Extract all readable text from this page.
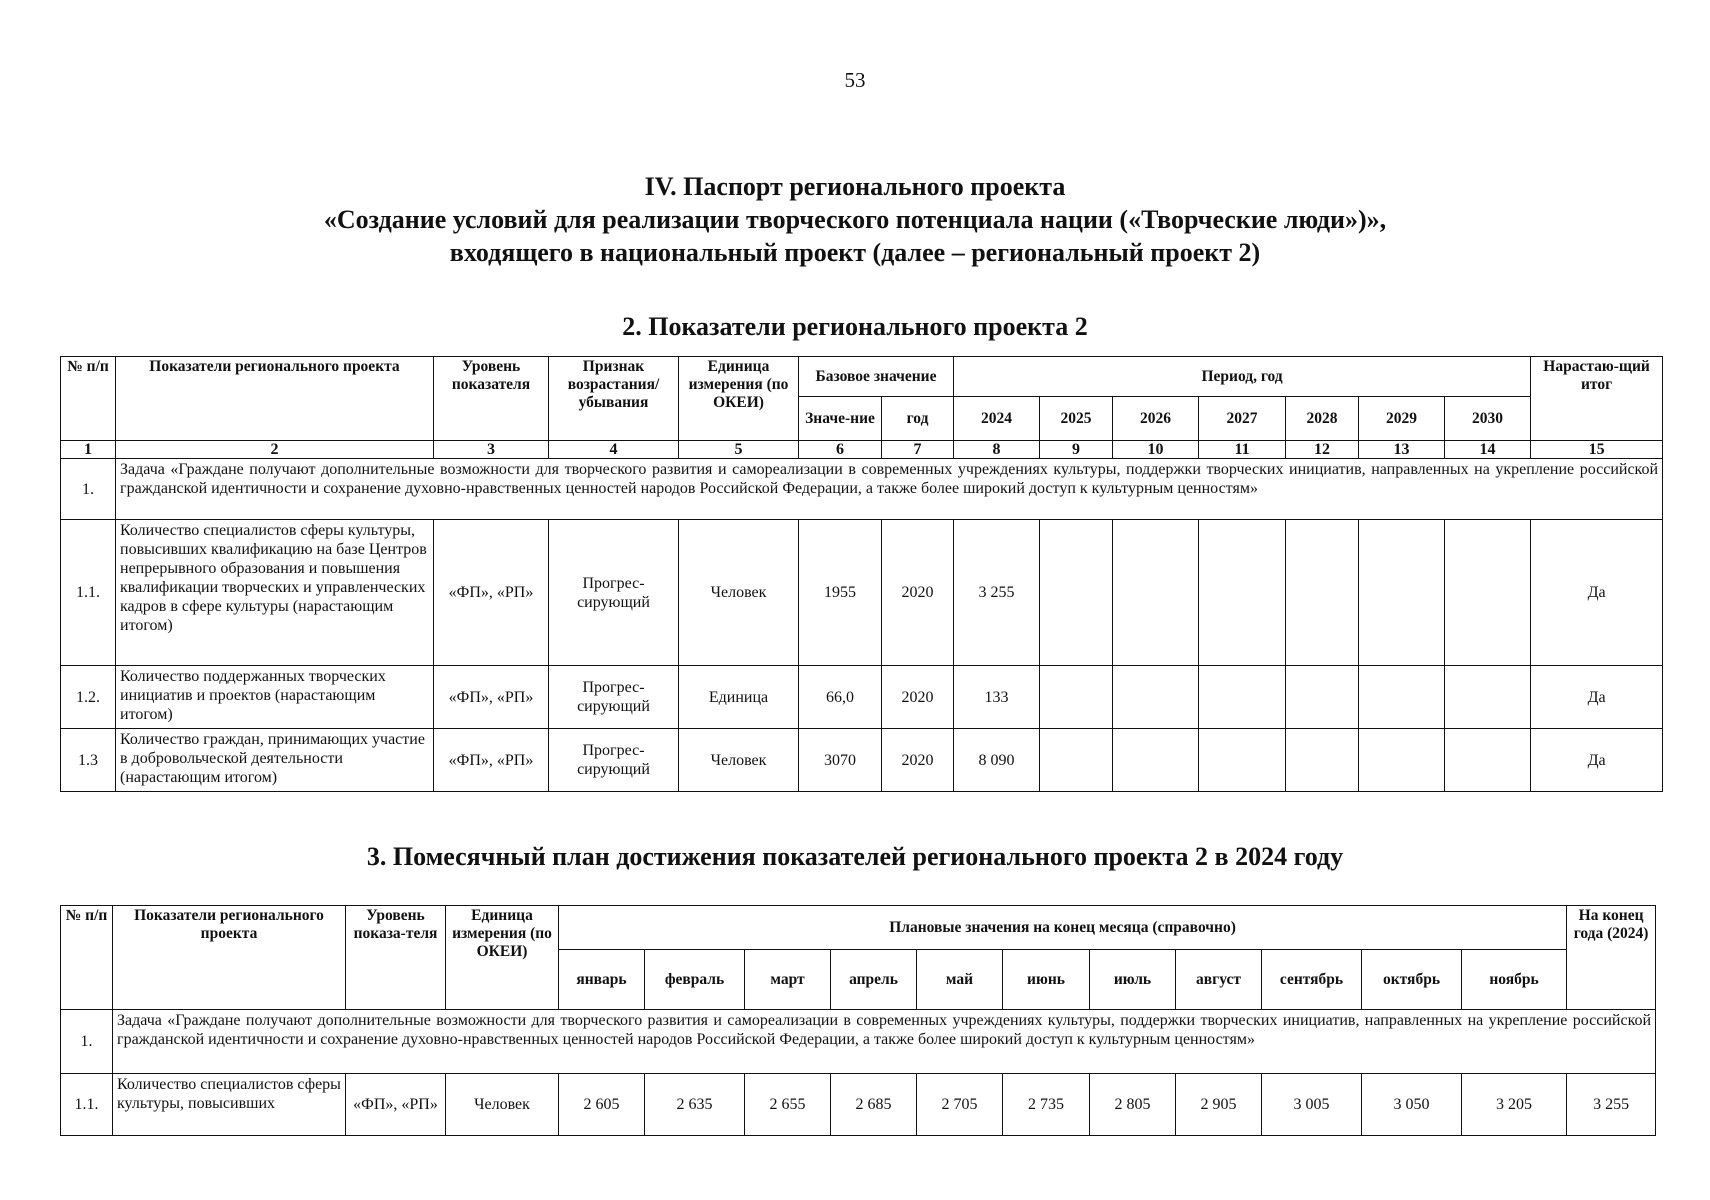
53
IV. Паспорт регионального проекта
«Создание условий для реализации творческого потенциала нации («Творческие люди»)»,
входящего в национальный проект (далее – региональный проект 2)
2. Показатели регионального проекта 2
№ п/п	Показатели регионального проекта	Уровень показателя	Признак возрастания/ убывания	Единица измерения (по ОКЕИ)	Базовое значение		Период, год							Нарастаю-щий итог
					Значе-ние	год	2024	2025	2026	2027	2028	2029	2030	
1	2	3	4	5	6	7	8	9	10	11	12	13	14	15
1.	Задача «Граждане получают дополнительные возможности для творческого развития и самореализации в современных учреждениях культуры, поддержки творческих инициатив, направленных на укрепление российской гражданской идентичности и сохранение духовно-нравственных ценностей народов Российской Федерации, а также более широкий доступ к культурным ценностям»													
1.1.	Количество специалистов сферы культуры, повысивших квалификацию на базе Центров непрерывного образования и повышения квалификации творческих и управленческих кадров в сфере культуры (нарастающим итогом)	«ФП», «РП»	Прогрес-сирующий	Человек	1955	2020	3 255							Да
1.2.	Количество поддержанных творческих инициатив и проектов (нарастающим итогом)	«ФП», «РП»	Прогрес-сирующий	Единица	66,0	2020	133							Да
1.3	Количество граждан, принимающих участие в добровольческой деятельности (нарастающим итогом)	«ФП», «РП»	Прогрес-сирующий	Человек	3070	2020	8 090							Да
3. Помесячный план достижения показателей регионального проекта 2 в 2024 году
№ п/п	Показатели регионального проекта	Уровень показа-теля	Единица измерения (по ОКЕИ)	Плановые значения на конец месяца (справочно)											На конец года (2024)
				январь	февраль	март	апрель	май	июнь	июль	август	сентябрь	октябрь	ноябрь	
1.	Задача «Граждане получают дополнительные возможности для творческого развития и самореализации в современных учреждениях культуры, поддержки творческих инициатив, направленных на укрепление российской гражданской идентичности и сохранение духовно-нравственных ценностей народов Российской Федерации, а также более широкий доступ к культурным ценностям»														
1.1.	Количество специалистов сферы культуры, повысивших	«ФП», «РП»	Человек	2 605	2 635	2 655	2 685	2 705	2 735	2 805	2 905	3 005	3 050	3 205	3 255
